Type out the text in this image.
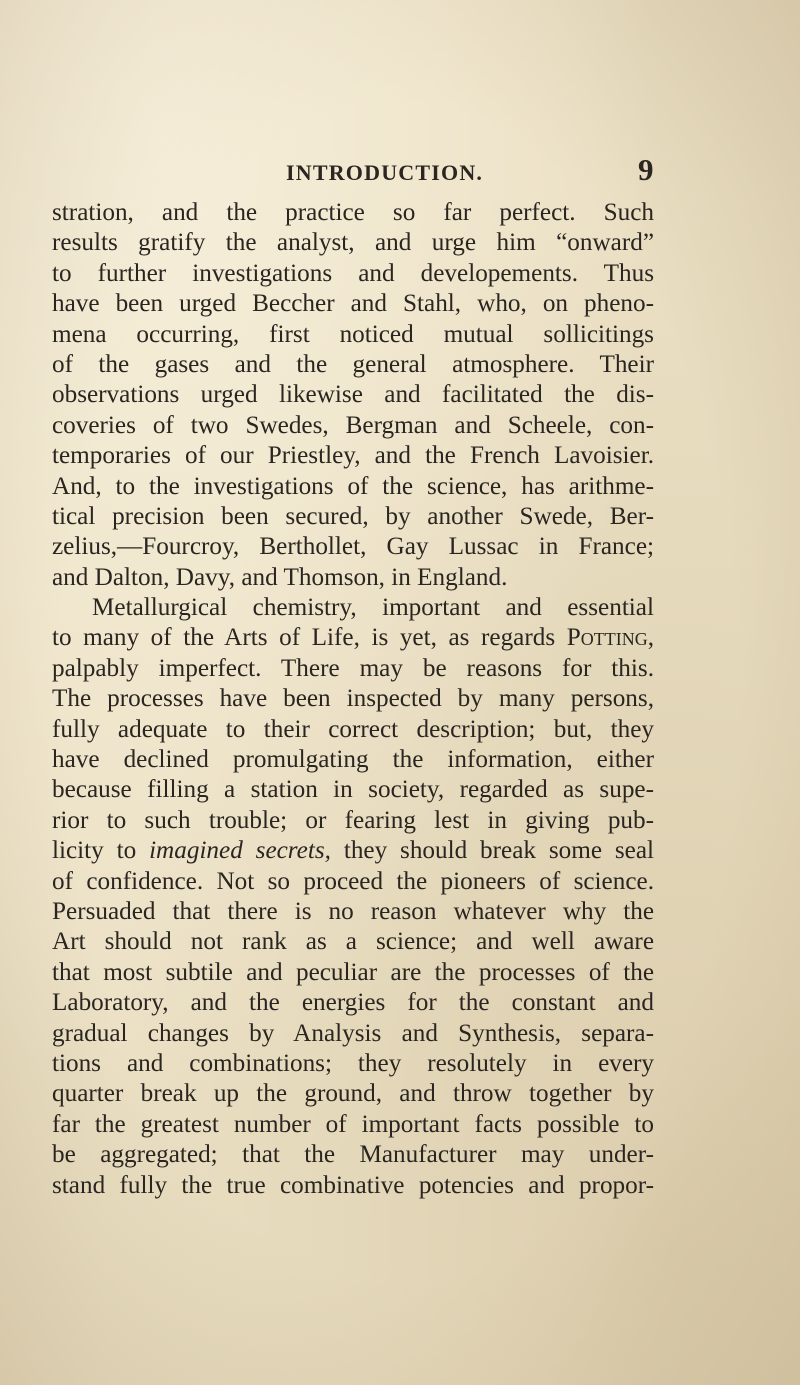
INTRODUCTION.	9
stration, and the practice so far perfect. Such
results gratify the analyst, and urge him “onward”
to further investigations and developements. Thus
have been urged Beccher and Stahl, who, on pheno-
mena occurring, first noticed mutual sollicitings
of the gases and the general atmosphere. Their
observations urged likewise and facilitated the dis-
coveries of two Swedes, Bergman and Scheele, con-
temporaries of our Priestley, and the French Lavoisier.
And, to the investigations of the science, has arithme-
tical precision been secured, by another Swede, Ber-
zelius,—Fourcroy, Berthollet, Gay Lussac in France;
and Dalton, Davy, and Thomson, in England.
Metallurgical chemistry, important and essential
to many of the Arts of Life, is yet, as regards Potting,
palpably imperfect. There may be reasons for this.
The processes have been inspected by many persons,
fully adequate to their correct description; but, they
have declined promulgating the information, either
because filling a station in society, regarded as supe-
rior to such trouble; or fearing lest in giving pub-
licity to imagined secrets, they should break some seal
of confidence. Not so proceed the pioneers of science.
Persuaded that there is no reason whatever why the
Art should not rank as a science; and well aware
that most subtile and peculiar are the processes of the
Laboratory, and the energies for the constant and
gradual changes by Analysis and Synthesis, separa-
tions and combinations; they resolutely in every
quarter break up the ground, and throw together by
far the greatest number of important facts possible to
be aggregated; that the Manufacturer may under-
stand fully the true combinative potencies and propor-
